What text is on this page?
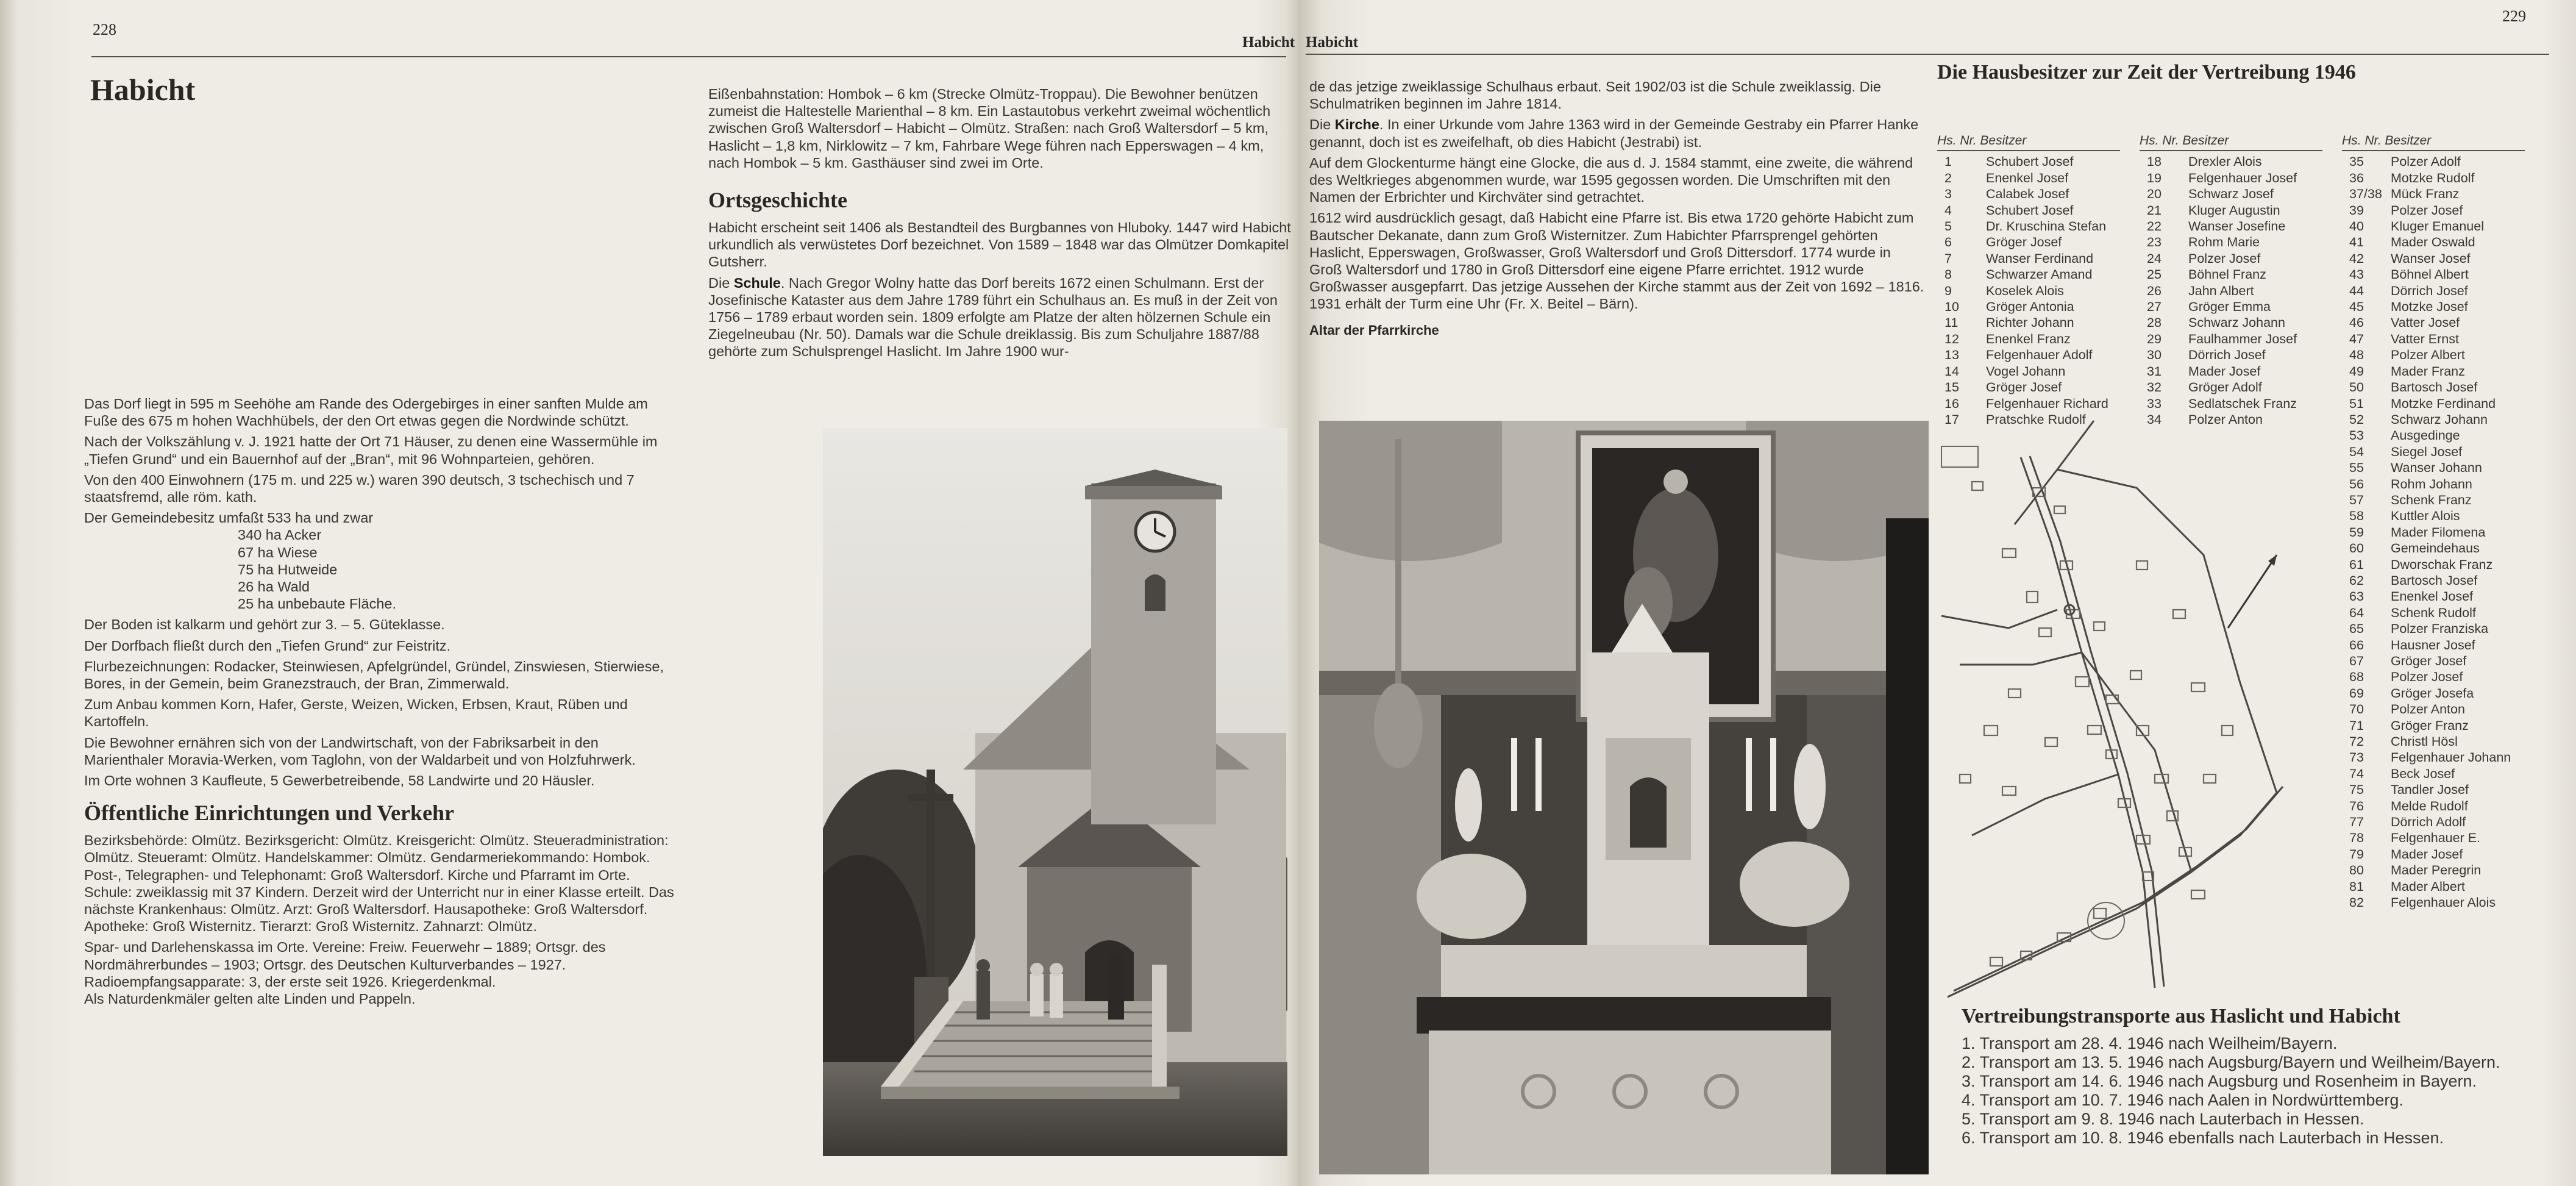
228
Habicht
Habicht
Das Dorf liegt in 595 m Seehöhe am Rande des Odergebirges in einer sanften Mulde am Fuße des 675 m hohen Wachhübels, der den Ort etwas gegen die Nordwinde schützt.
Nach der Volkszählung v. J. 1921 hatte der Ort 71 Häuser, zu denen eine Wassermühle im „Tiefen Grund“ und ein Bauernhof auf der „Bran“, mit 96 Wohnparteien, gehören.
Von den 400 Einwohnern (175 m. und 225 w.) waren 390 deutsch, 3 tschechisch und 7 staatsfremd, alle röm. kath.
Der Gemeindebesitz umfaßt 533 ha und zwar
340 ha Acker
67 ha Wiese
75 ha Hutweide
26 ha Wald
25 ha unbebaute Fläche.
Der Boden ist kalkarm und gehört zur 3. – 5. Güteklasse.
Der Dorfbach fließt durch den „Tiefen Grund“ zur Feistritz.
Flurbezeichnungen: Rodacker, Steinwiesen, Apfelgründel, Gründel, Zinswiesen, Stierwiese, Bores, in der Gemein, beim Granezstrauch, der Bran, Zimmerwald.
Zum Anbau kommen Korn, Hafer, Gerste, Weizen, Wicken, Erbsen, Kraut, Rüben und Kartoffeln.
Die Bewohner ernähren sich von der Landwirtschaft, von der Fabriksarbeit in den Marienthaler Moravia-Werken, vom Taglohn, von der Waldarbeit und von Holzfuhrwerk.
Im Orte wohnen 3 Kaufleute, 5 Gewerbetreibende, 58 Landwirte und 20 Häusler.
Öffentliche Einrichtungen und Verkehr
Bezirksbehörde: Olmütz. Bezirksgericht: Olmütz. Kreisgericht: Olmütz. Steueradministration: Olmütz. Steueramt: Olmütz. Handelskammer: Olmütz. Gendarmeriekommando: Hombok. Post-, Telegraphen- und Telephonamt: Groß Waltersdorf. Kirche und Pfarramt im Orte. Schule: zweiklassig mit 37 Kindern. Derzeit wird der Unterricht nur in einer Klasse erteilt. Das nächste Krankenhaus: Olmütz. Arzt: Groß Waltersdorf. Hausapotheke: Groß Waltersdorf. Apotheke: Groß Wisternitz. Tierarzt: Groß Wisternitz. Zahnarzt: Olmütz.
Spar- und Darlehenskassa im Orte. Vereine: Freiw. Feuerwehr – 1889; Ortsgr. des Nordmährerbundes – 1903; Ortsgr. des Deutschen Kulturverbandes – 1927. Radioempfangsapparate: 3, der erste seit 1926. Kriegerdenkmal.
Als Naturdenkmäler gelten alte Linden und Pappeln.
Eißenbahnstation: Hombok – 6 km (Strecke Olmütz-Troppau). Die Bewohner benützen zumeist die Haltestelle Marienthal – 8 km. Ein Lastautobus verkehrt zweimal wöchentlich zwischen Groß Waltersdorf – Habicht – Olmütz. Straßen: nach Groß Waltersdorf – 5 km, Haslicht – 1,8 km, Nirklowitz – 7 km, Fahrbare Wege führen nach Epperswagen – 4 km, nach Hombok – 5 km. Gasthäuser sind zwei im Orte.
Ortsgeschichte
Habicht erscheint seit 1406 als Bestandteil des Burgbannes von Hluboky. 1447 wird Habicht urkundlich als verwüstetes Dorf bezeichnet. Von 1589 – 1848 war das Olmützer Domkapitel Gutsherr.
Die Schule. Nach Gregor Wolny hatte das Dorf bereits 1672 einen Schulmann. Erst der Josefinische Kataster aus dem Jahre 1789 führt ein Schulhaus an. Es muß in der Zeit von 1756 – 1789 erbaut worden sein. 1809 erfolgte am Platze der alten hölzernen Schule ein Ziegelneubau (Nr. 50). Damals war die Schule dreiklassig. Bis zum Schuljahre 1887/88 gehörte zum Schulsprengel Haslicht. Im Jahre 1900 wur-
Habicht
229
de das jetzige zweiklassige Schulhaus erbaut. Seit 1902/03 ist die Schule zweiklassig. Die Schulmatriken beginnen im Jahre 1814.
Die Kirche. In einer Urkunde vom Jahre 1363 wird in der Gemeinde Gestraby ein Pfarrer Hanke genannt, doch ist es zweifelhaft, ob dies Habicht (Jestrabi) ist.
Auf dem Glockenturme hängt eine Glocke, die aus d. J. 1584 stammt, eine zweite, die während des Weltkrieges abgenommen wurde, war 1595 gegossen worden. Die Umschriften mit den Namen der Erbrichter und Kirchväter sind getrachtet.
1612 wird ausdrücklich gesagt, daß Habicht eine Pfarre ist. Bis etwa 1720 gehörte Habicht zum Bautscher Dekanate, dann zum Groß Wisternitzer. Zum Habichter Pfarrsprengel gehörten Haslicht, Epperswagen, Großwasser, Groß Waltersdorf und Groß Dittersdorf. 1774 wurde in Groß Waltersdorf und 1780 in Groß Dittersdorf eine eigene Pfarre errichtet. 1912 wurde Großwasser ausgepfarrt. Das jetzige Aussehen der Kirche stammt aus der Zeit von 1692 – 1816. 1931 erhält der Turm eine Uhr (Fr. X. Beitel – Bärn).
Altar der Pfarrkirche
Die Hausbesitzer zur Zeit der Vertreibung 1946
Hs. Nr. Besitzer
1	Schubert Josef
2	Enenkel Josef
3	Calabek Josef
4	Schubert Josef
5	Dr. Kruschina Stefan
6	Gröger Josef
7	Wanser Ferdinand
8	Schwarzer Amand
9	Koselek Alois
10	Gröger Antonia
11	Richter Johann
12	Enenkel Franz
13	Felgenhauer Adolf
14	Vogel Johann
15	Gröger Josef
16	Felgenhauer Richard
17	Pratschke Rudolf
Hs. Nr. Besitzer
18	Drexler Alois
19	Felgenhauer Josef
20	Schwarz Josef
21	Kluger Augustin
22	Wanser Josefine
23	Rohm Marie
24	Polzer Josef
25	Böhnel Franz
26	Jahn Albert
27	Gröger Emma
28	Schwarz Johann
29	Faulhammer Josef
30	Dörrich Josef
31	Mader Josef
32	Gröger Adolf
33	Sedlatschek Franz
34	Polzer Anton
Hs. Nr. Besitzer
35	Polzer Adolf
36	Motzke Rudolf
37/38 Mück Franz
39	Polzer Josef
40	Kluger Emanuel
41	Mader Oswald
42	Wanser Josef
43	Böhnel Albert
44	Dörrich Josef
45	Motzke Josef
46	Vatter Josef
47	Vatter Ernst
48	Polzer Albert
49	Mader Franz
50	Bartosch Josef
51	Motzke Ferdinand
52	Schwarz Johann
53	Ausgedinge
54	Siegel Josef
55	Wanser Johann
56	Rohm Johann
57	Schenk Franz
58	Kuttler Alois
59	Mader Filomena
60	Gemeindehaus
61	Dworschak Franz
62	Bartosch Josef
63	Enenkel Josef
64	Schenk Rudolf
65	Polzer Franziska
66	Hausner Josef
67	Gröger Josef
68	Polzer Josef
69	Gröger Josefa
70	Polzer Anton
71	Gröger Franz
72	Christl Hösl
73	Felgenhauer Johann
74	Beck Josef
75	Tandler Josef
76	Melde Rudolf
77	Dörrich Adolf
78	Felgenhauer E.
79	Mader Josef
80	Mader Peregrin
81	Mader Albert
82	Felgenhauer Alois
Vertreibungstransporte aus Haslicht und Habicht
1. Transport am 28. 4. 1946 nach Weilheim/Bayern.
2. Transport am 13. 5. 1946 nach Augsburg/Bayern und Weilheim/Bayern.
3. Transport am 14. 6. 1946 nach Augsburg und Rosenheim in Bayern.
4. Transport am 10. 7. 1946 nach Aalen in Nordwürttemberg.
5. Transport am 9. 8. 1946 nach Lauterbach in Hessen.
6. Transport am 10. 8. 1946 ebenfalls nach Lauterbach in Hessen.
